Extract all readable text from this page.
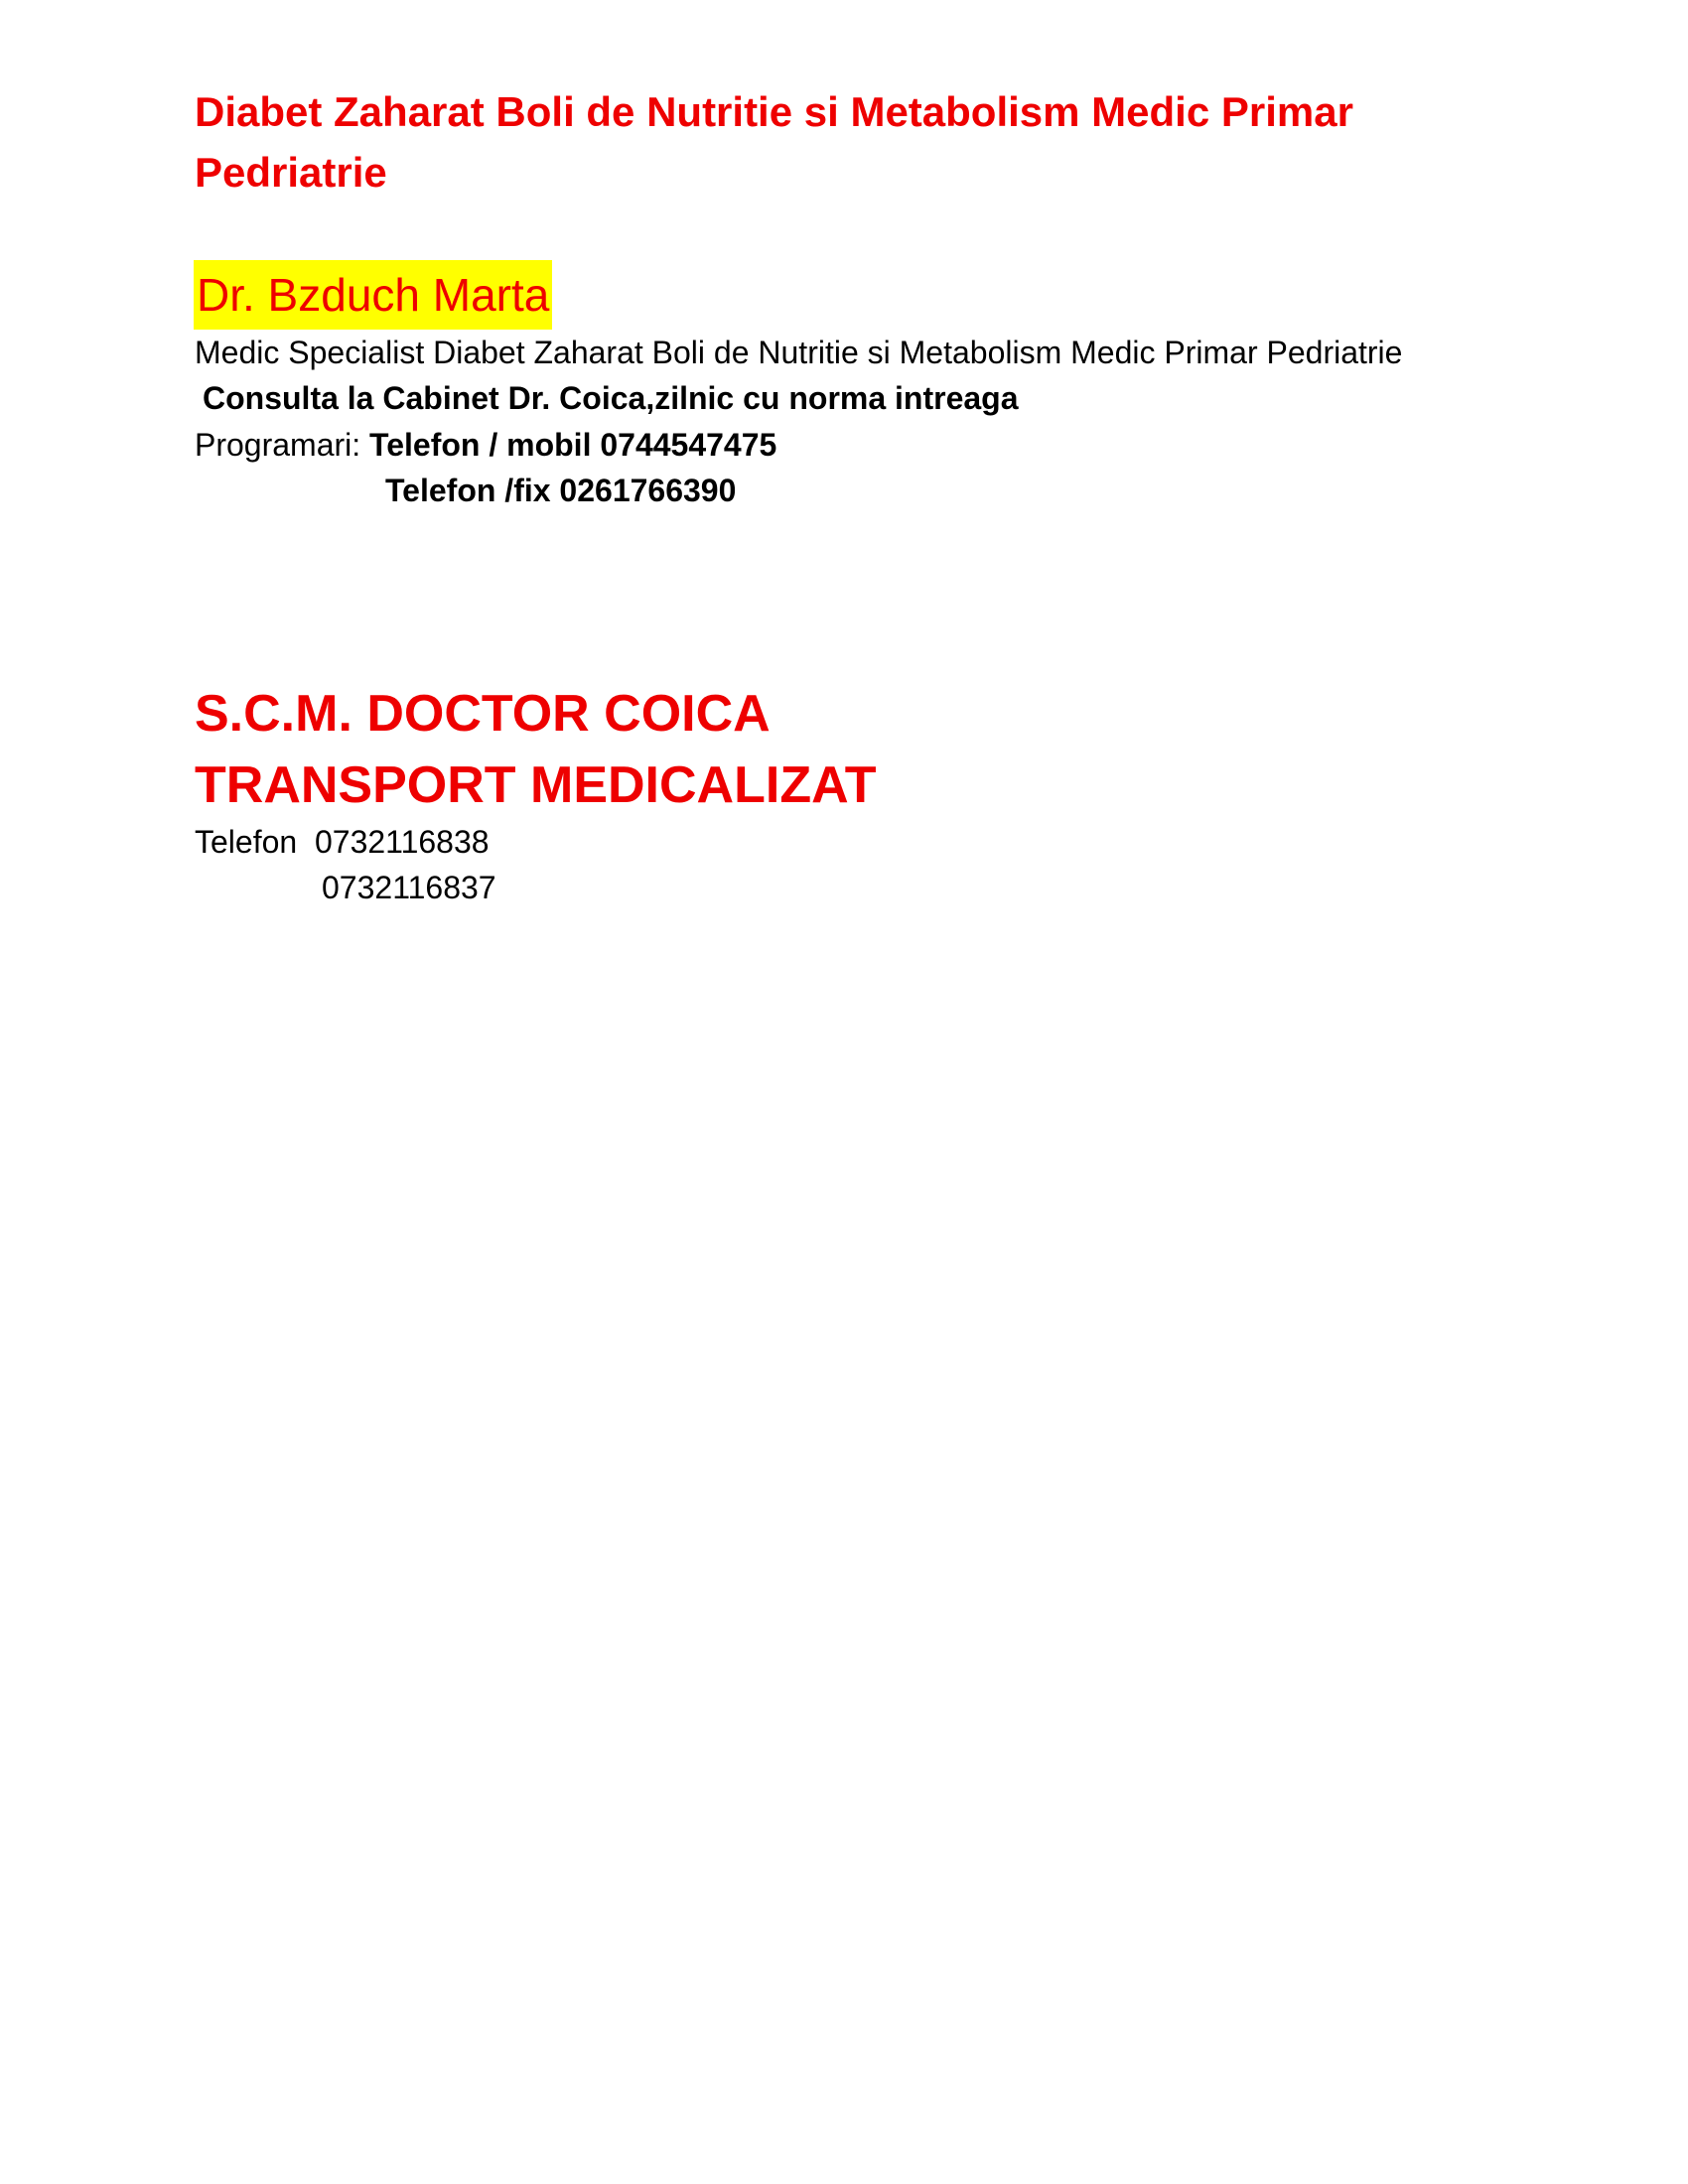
Diabet Zaharat Boli de Nutritie si Metabolism Medic Primar Pedriatrie
Dr. Bzduch Marta
Medic Specialist Diabet Zaharat Boli de Nutritie si Metabolism Medic Primar Pedriatrie
Consulta la Cabinet Dr. Coica,zilnic cu norma intreaga
Programari: Telefon / mobil 0744547475
Telefon /fix 0261766390
S.C.M. DOCTOR COICA
TRANSPORT MEDICALIZAT
Telefon 0732116838
0732116837
